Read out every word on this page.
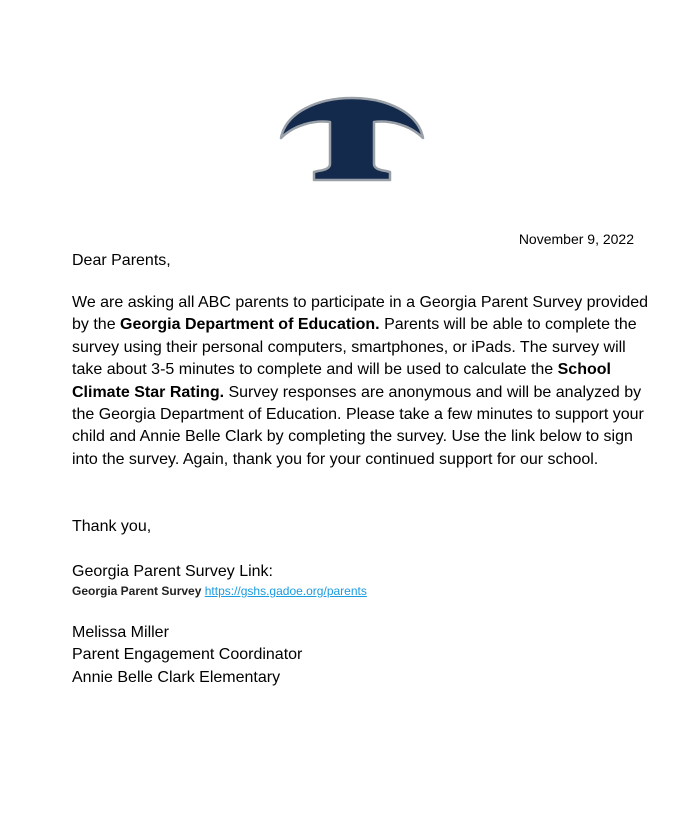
November 9, 2022
Dear Parents,
We are asking all ABC parents to participate in a Georgia Parent Survey provided by the Georgia Department of Education. Parents will be able to complete the survey using their personal computers, smartphones, or iPads. The survey will take about 3-5 minutes to complete and will be used to calculate the School Climate Star Rating. Survey responses are anonymous and will be analyzed by the Georgia Department of Education. Please take a few minutes to support your child and Annie Belle Clark by completing the survey. Use the link below to sign into the survey. Again, thank you for your continued support for our school.
Thank you,
Georgia Parent Survey Link:
Georgia Parent Survey https://gshs.gadoe.org/parents
Melissa Miller
Parent Engagement Coordinator
Annie Belle Clark Elementary
